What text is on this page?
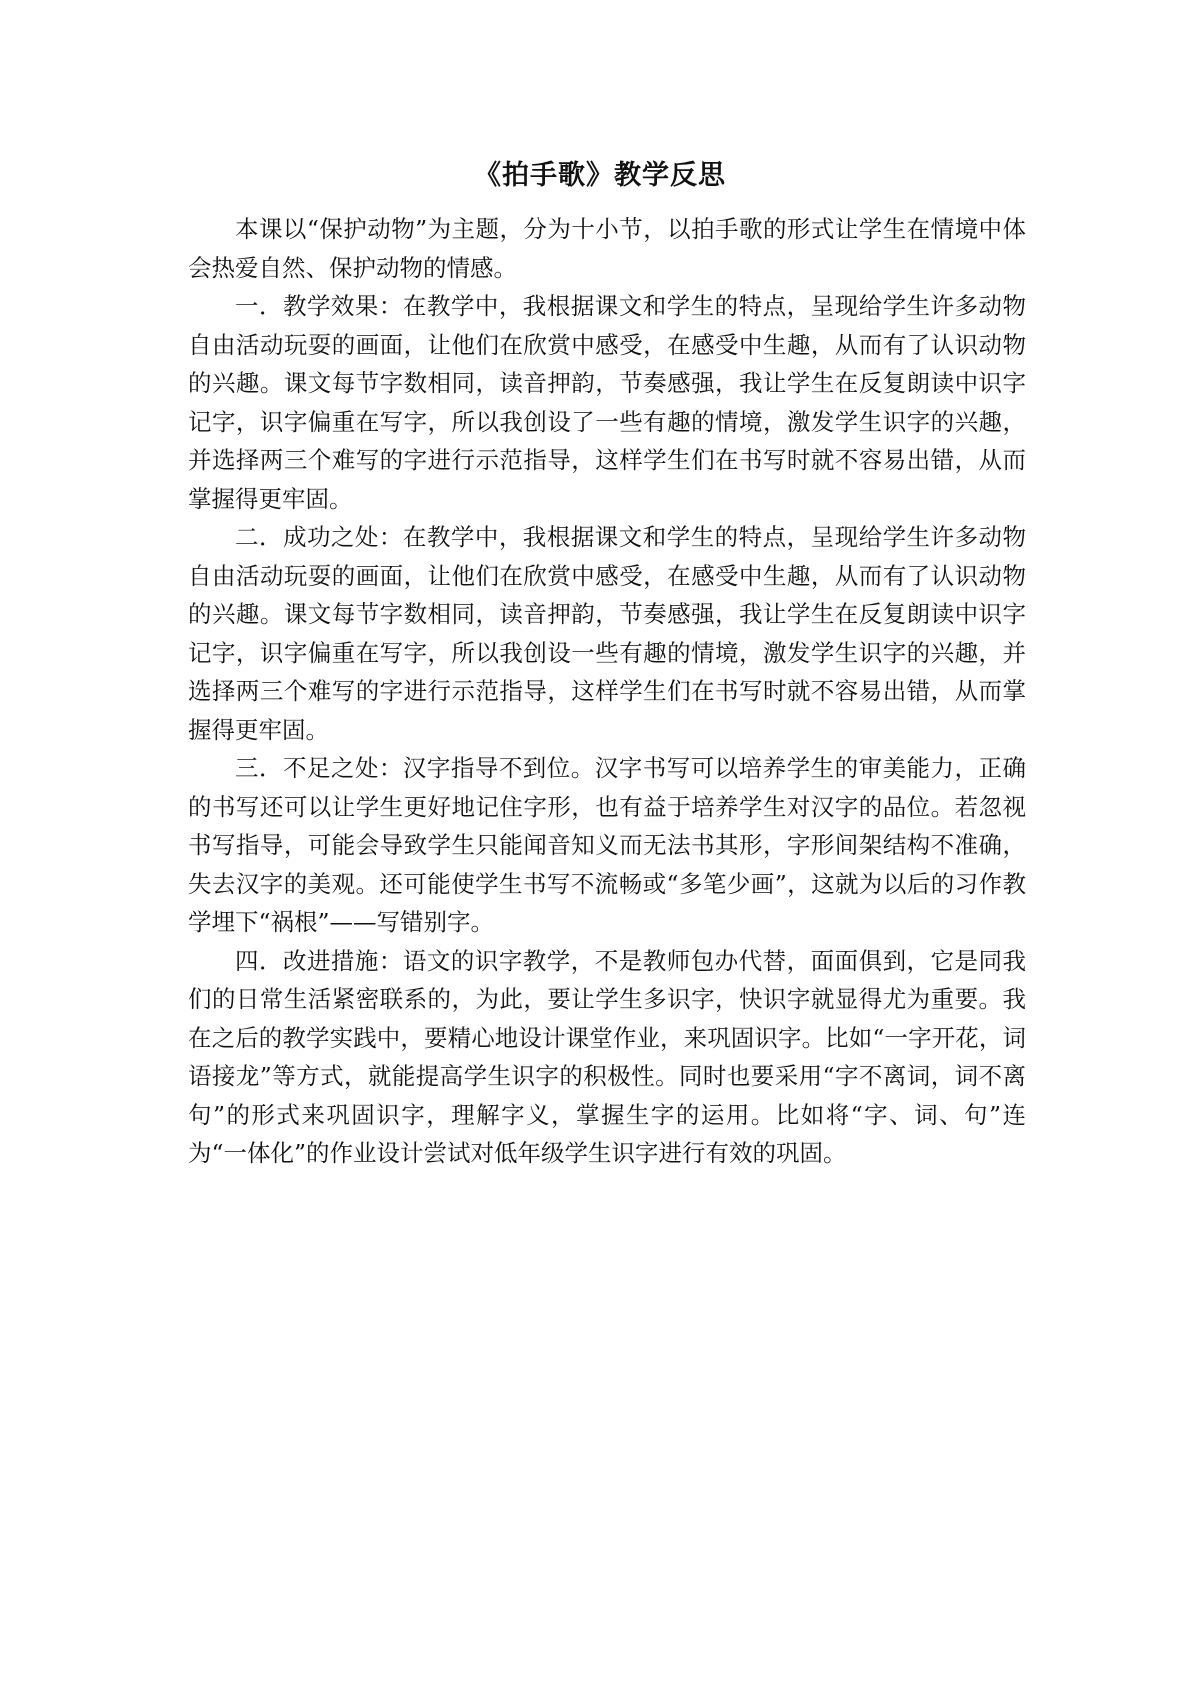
《拍手歌》教学反思

本课以“保护动物”为主题，分为十小节，以拍手歌的形式让学生在情境中体会热爱自然、保护动物的情感。

一．教学效果：在教学中，我根据课文和学生的特点，呈现给学生许多动物自由活动玩耍的画面，让他们在欣赏中感受，在感受中生趣，从而有了认识动物的兴趣。课文每节字数相同，读音押韵，节奏感强，我让学生在反复朗读中识字记字，识字偏重在写字，所以我创设了一些有趣的情境，激发学生识字的兴趣，并选择两三个难写的字进行示范指导，这样学生们在书写时就不容易出错，从而掌握得更牢固。

二．成功之处：在教学中，我根据课文和学生的特点，呈现给学生许多动物自由活动玩耍的画面，让他们在欣赏中感受，在感受中生趣，从而有了认识动物的兴趣。课文每节字数相同，读音押韵，节奏感强，我让学生在反复朗读中识字记字，识字偏重在写字，所以我创设一些有趣的情境，激发学生识字的兴趣，并选择两三个难写的字进行示范指导，这样学生们在书写时就不容易出错，从而掌握得更牢固。

三．不足之处：汉字指导不到位。汉字书写可以培养学生的审美能力，正确的书写还可以让学生更好地记住字形，也有益于培养学生对汉字的品位。若忽视书写指导，可能会导致学生只能闻音知义而无法书其形，字形间架结构不准确，失去汉字的美观。还可能使学生书写不流畅或“多笔少画”，这就为以后的习作教学埋下“祸根”——写错别字。

四．改进措施：语文的识字教学，不是教师包办代替，面面俱到，它是同我们的日常生活紧密联系的，为此，要让学生多识字，快识字就显得尤为重要。我在之后的教学实践中，要精心地设计课堂作业，来巩固识字。比如“一字开花，词语接龙”等方式，就能提高学生识字的积极性。同时也要采用“字不离词，词不离句”的形式来巩固识字，理解字义，掌握生字的运用。比如将“字、词、句”连为“一体化”的作业设计尝试对低年级学生识字进行有效的巩固。
